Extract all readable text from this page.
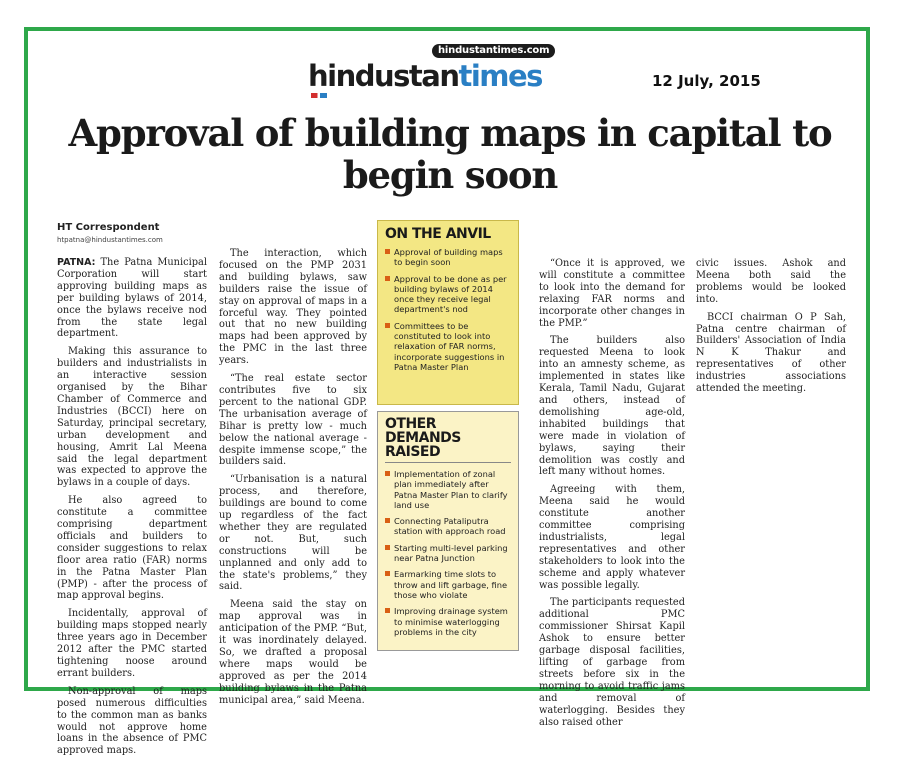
hindustantimes.com
hindustantimes	12 July, 2015
Approval of building maps in capital to begin soon
HT Correspondent
htpatna@hindustantimes.com

PATNA: The Patna Municipal Corporation will start approving building maps as per building bylaws of 2014, once the bylaws receive nod from the state legal department.

Making this assurance to builders and industrialists in an interactive session organised by the Bihar Chamber of Commerce and Industries (BCCI) here on Saturday, principal secretary, urban development and housing, Amrit Lal Meena said the legal department was expected to approve the bylaws in a couple of days.

He also agreed to constitute a committee comprising department officials and builders to consider suggestions to relax floor area ratio (FAR) norms in the Patna Master Plan (PMP) - after the process of map approval begins.

Incidentally, approval of building maps stopped nearly three years ago in December 2012 after the PMC started tightening noose around errant builders.

Non-approval of maps posed numerous difficulties to the common man as banks would not approve home loans in the absence of PMC approved maps.

The interaction, which focused on the PMP 2031 and building bylaws, saw builders raise the issue of stay on approval of maps in a forceful way. They pointed out that no new building maps had been approved by the PMC in the last three years.

“The real estate sector contributes five to six percent to the national GDP. The urbanisation average of Bihar is pretty low - much below the national average - despite immense scope,” the builders said.

“Urbanisation is a natural process, and therefore, buildings are bound to come up regardless of the fact whether they are regulated or not. But, such constructions will be unplanned and only add to the state's problems,” they said.

Meena said the stay on map approval was in anticipation of the PMP. “But, it was inordinately delayed. So, we drafted a proposal where maps would be approved as per the 2014 building bylaws in the Patna municipal area,” said Meena.

ON THE ANVIL
Approval of building maps to begin soon
Approval to be done as per building bylaws of 2014 once they receive legal department's nod
Committees to be constituted to look into relaxation of FAR norms, incorporate suggestions in Patna Master Plan
OTHER DEMANDS
RAISED
Implementation of zonal plan immediately after Patna Master Plan to clarify land use
Connecting Pataliputra station with approach road
Starting multi-level parking near Patna Junction
Earmarking time slots to throw and lift garbage, fine those who violate
Improving drainage system to minimise waterlogging problems in the city

“Once it is approved, we will constitute a committee to look into the demand for relaxing FAR norms and incorporate other changes in the PMP.”

The builders also requested Meena to look into an amnesty scheme, as implemented in states like Kerala, Tamil Nadu, Gujarat and others, instead of demolishing age-old, inhabited buildings that were made in violation of bylaws, saying their demolition was costly and left many without homes.

Agreeing with them, Meena said he would constitute another committee comprising industrialists, legal representatives and other stakeholders to look into the scheme and apply whatever was possible legally.

The participants requested additional PMC commissioner Shirsat Kapil Ashok to ensure better garbage disposal facilities, lifting of garbage from streets before six in the morning to avoid traffic jams and removal of waterlogging. Besides they also raised other

civic issues. Ashok and Meena both said the problems would be looked into.

BCCI chairman O P Sah, Patna centre chairman of Builders' Association of India N K Thakur and representatives of other industries associations attended the meeting.
